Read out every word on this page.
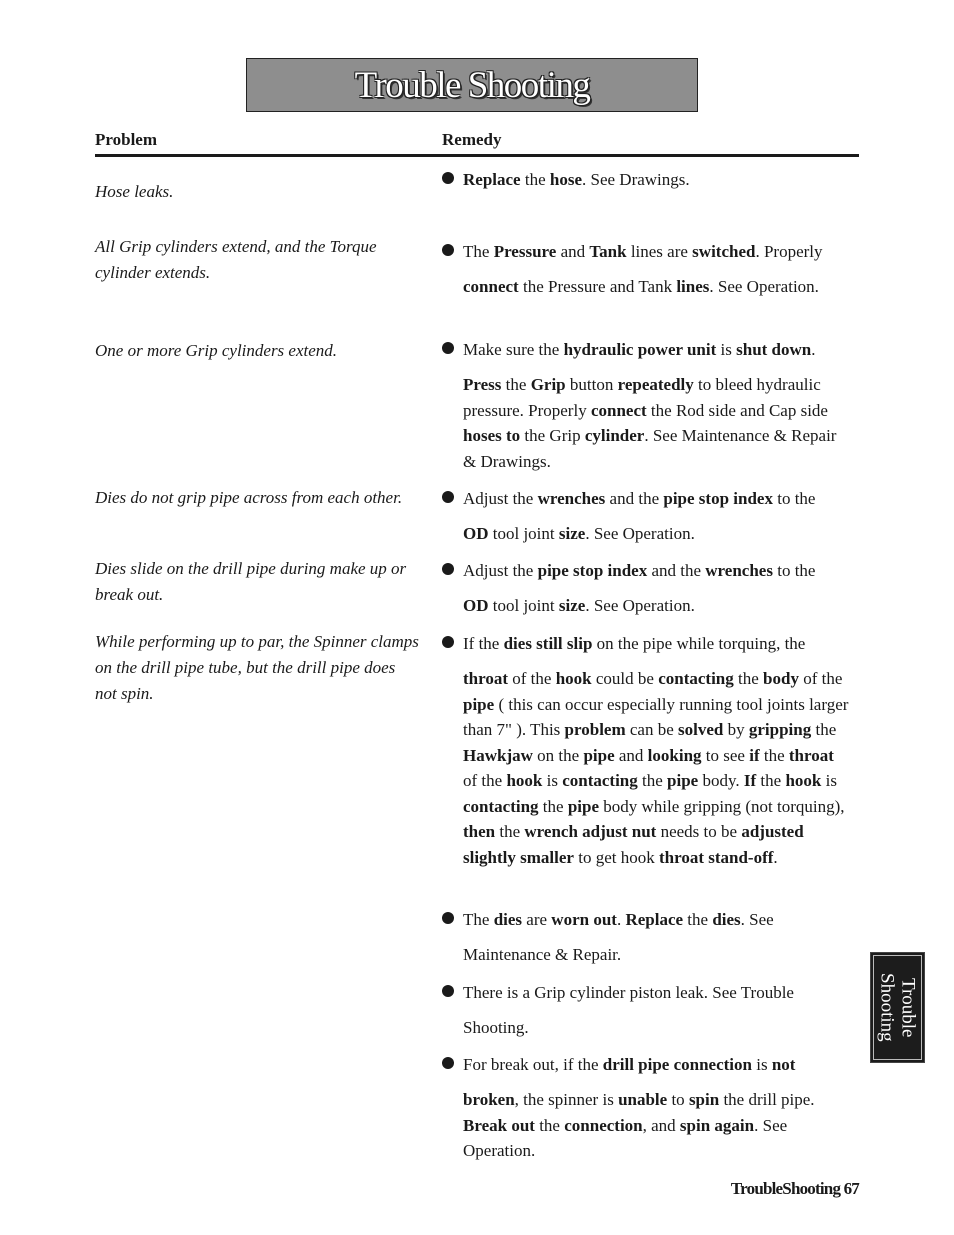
Trouble Shooting
Problem	Remedy
Hose leaks.
All Grip cylinders extend, and the Torque cylinder extends.
One or more Grip cylinders extend.
Dies do not grip pipe across from each other.
Dies slide on the drill pipe during make up or break out.
While performing up to par, the Spinner clamps on the drill pipe tube, but the drill pipe does not spin.
Replace the hose. See Drawings.
The Pressure and Tank lines are switched. Properly
connect the Pressure and Tank lines. See Operation.
Make sure the hydraulic power unit is shut down.
Press the Grip button repeatedly to bleed hydraulic pressure. Properly connect the Rod side and Cap side hoses to the Grip cylinder. See Maintenance & Repair & Drawings.
Adjust the wrenches and the pipe stop index to the
OD tool joint size. See Operation.
Adjust the pipe stop index and the wrenches to the
OD tool joint size. See Operation.
If the dies still slip on the pipe while torquing, the
throat of the hook could be contacting the body of the pipe ( this can occur especially running tool joints larger than 7" ). This problem can be solved by gripping the Hawkjaw on the pipe and looking to see if the throat of the hook is contacting the pipe body. If the hook is contacting the pipe body while gripping (not torquing), then the wrench adjust nut needs to be adjusted slightly smaller to get hook throat stand-off.
The dies are worn out. Replace the dies. See
Maintenance & Repair.
There is a Grip cylinder piston leak. See Trouble
Shooting.
For break out, if the drill pipe connection is not
broken, the spinner is unable to spin the drill pipe. Break out the connection, and spin again. See Operation.
Trouble
Shooting
TroubleShooting 67
